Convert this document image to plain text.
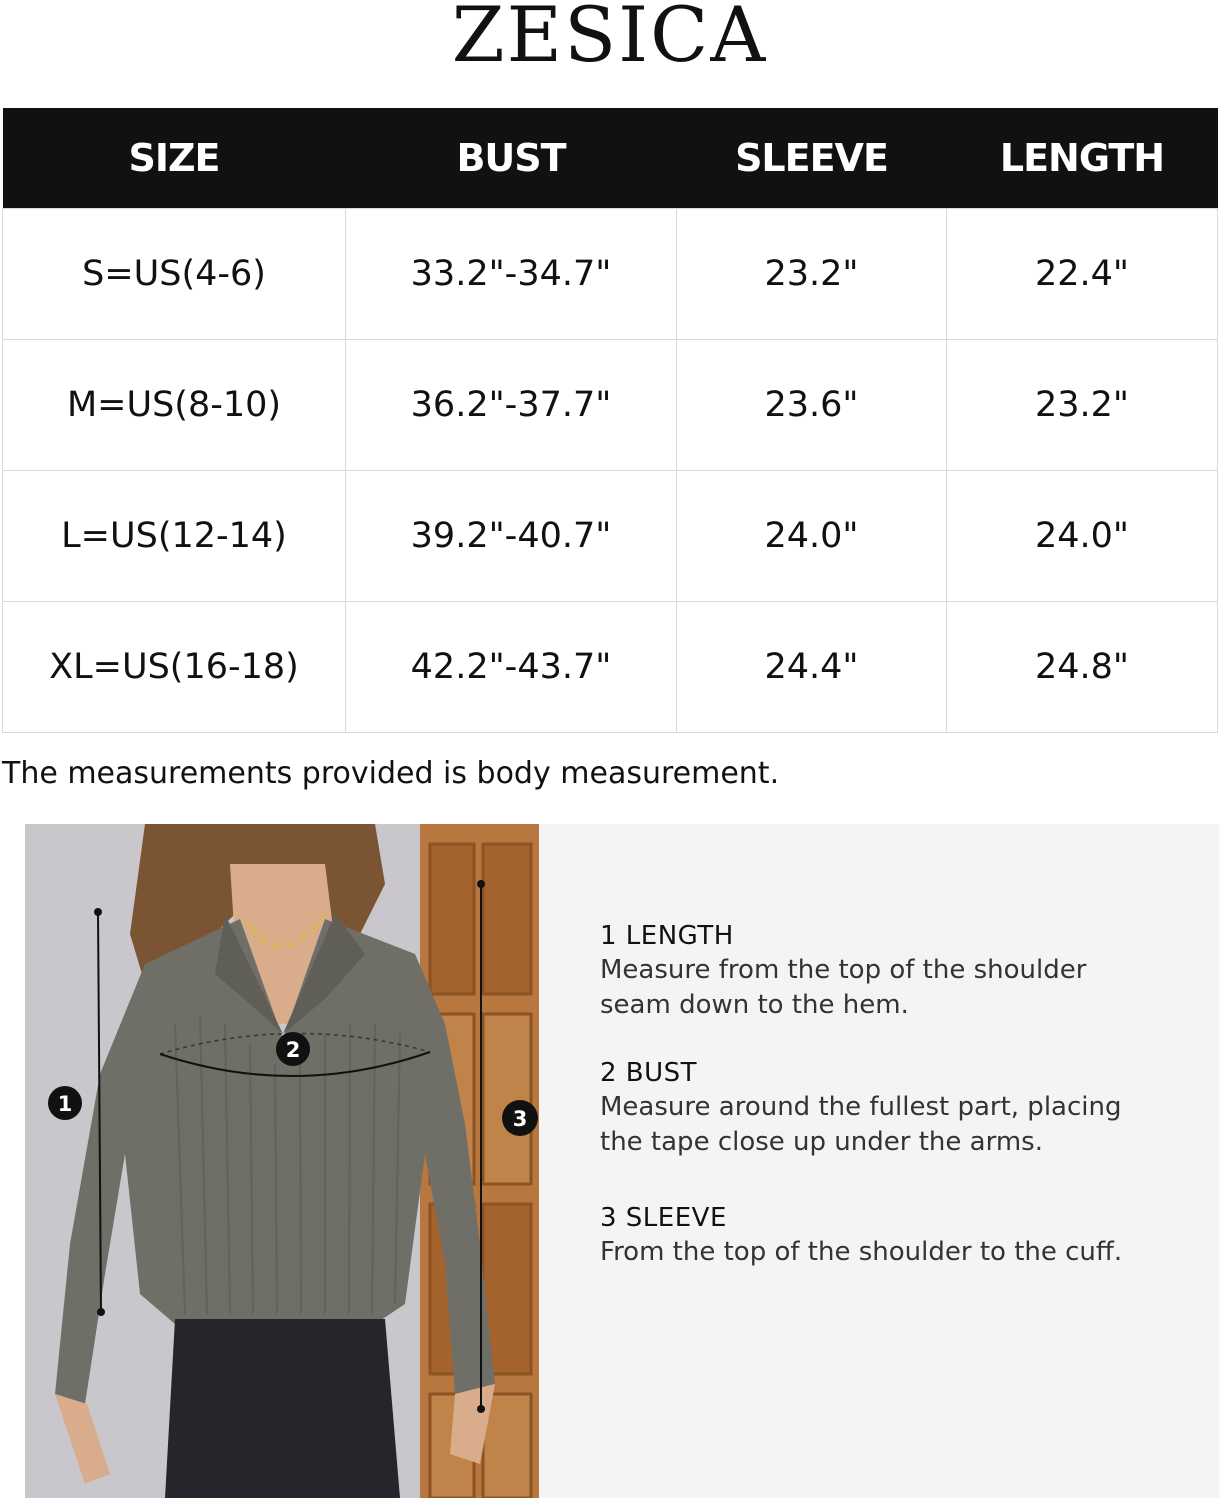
ZESICA
SIZE	BUST	SLEEVE	LENGTH
S=US(4-6)	33.2"-34.7"	23.2"	22.4"
M=US(8-10)	36.2"-37.7"	23.6"	23.2"
L=US(12-14)	39.2"-40.7"	24.0"	24.0"
XL=US(16-18)	42.2"-43.7"	24.4"	24.8"

The measurements provided is body measurement.

1
2
3
1 LENGTH
Measure from the top of the shoulder
seam down to the hem.
2 BUST
Measure around the fullest part, placing
the tape close up under the arms.
3 SLEEVE
From the top of the shoulder to the cuff.
